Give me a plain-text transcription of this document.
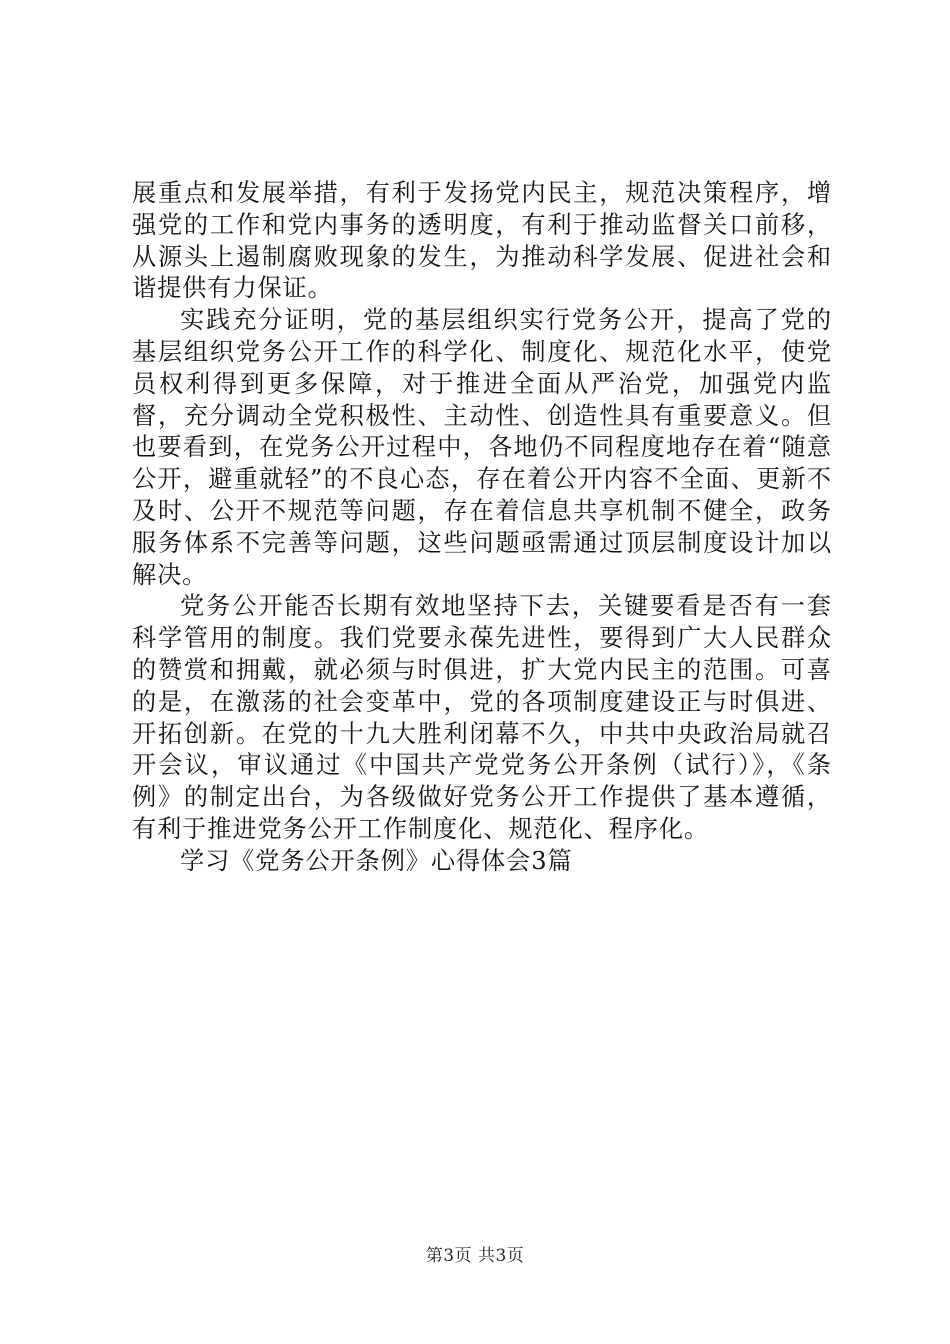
展重点和发展举措，有利于发扬党内民主，规范决策程序，增强党的工作和党内事务的透明度，有利于推动监督关口前移，从源头上遏制腐败现象的发生，为推动科学发展、促进社会和谐提供有力保证。

实践充分证明，党的基层组织实行党务公开，提高了党的基层组织党务公开工作的科学化、制度化、规范化水平，使党员权利得到更多保障，对于推进全面从严治党，加强党内监督，充分调动全党积极性、主动性、创造性具有重要意义。但也要看到，在党务公开过程中，各地仍不同程度地存在着“随意公开，避重就轻”的不良心态，存在着公开内容不全面、更新不及时、公开不规范等问题，存在着信息共享机制不健全，政务服务体系不完善等问题，这些问题亟需通过顶层制度设计加以解决。

党务公开能否长期有效地坚持下去，关键要看是否有一套科学管用的制度。我们党要永葆先进性，要得到广大人民群众的赞赏和拥戴，就必须与时俱进，扩大党内民主的范围。可喜的是，在激荡的社会变革中，党的各项制度建设正与时俱进、开拓创新。在党的十九大胜利闭幕不久，中共中央政治局就召开会议，审议通过《中国共产党党务公开条例（试行）》，《条例》的制定出台，为各级做好党务公开工作提供了基本遵循，有利于推进党务公开工作制度化、规范化、程序化。

学习《党务公开条例》心得体会3篇

第3页 共3页
